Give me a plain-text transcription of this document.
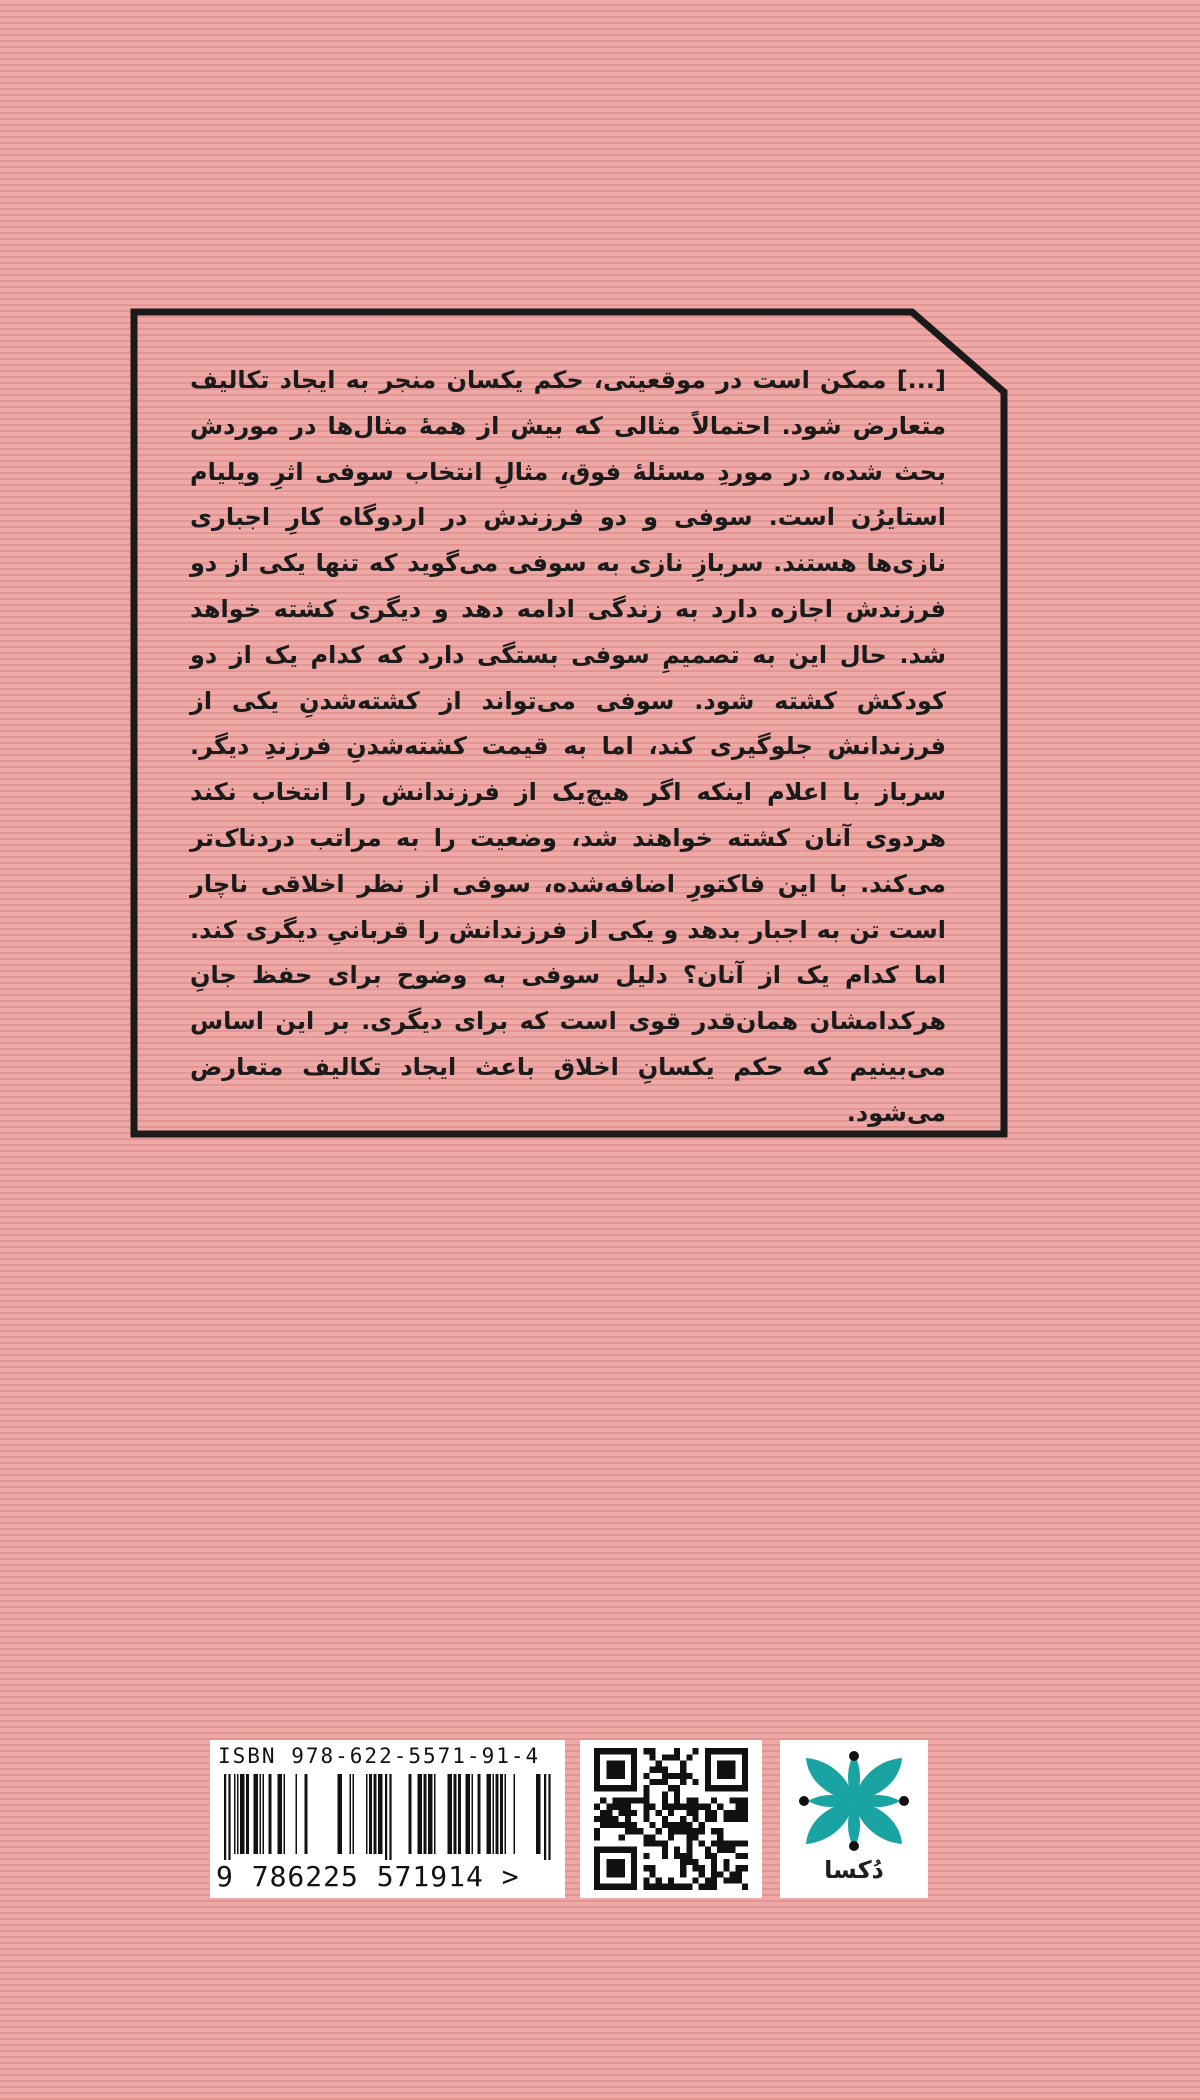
[...] ممکن است در موقعیتی، حکم یکسان منجر به ایجاد تکالیف متعارض شود. احتمالاً مثالی که بیش از همهٔ مثال‌ها در موردش بحث شده، در موردِ مسئلهٔ فوق، مثالِ انتخاب سوفی اثرِ ویلیام استایرُن است. سوفی و دو فرزندش در اردوگاه کارِ اجباری نازی‌ها هستند. سربازِ نازی به سوفی می‌گوید که تنها یکی از دو فرزندش اجازه دارد به زندگی ادامه دهد و دیگری کشته خواهد شد. حال این به تصمیمِ سوفی بستگی دارد که کدام یک از دو کودکش کشته شود. سوفی می‌تواند از کشته‌شدنِ یکی از فرزندانش جلوگیری کند، اما به قیمت کشته‌شدنِ فرزندِ دیگر. سرباز با اعلام اینکه اگر هیچ‌یک از فرزندانش را انتخاب نکند هردوی آنان کشته خواهند شد، وضعیت را به مراتب دردناک‌تر می‌کند. با این فاکتورِ اضافه‌شده، سوفی از نظر اخلاقی ناچار است تن به اجبار بدهد و یکی از فرزندانش را قربانیِ دیگری کند. اما کدام یک از آنان؟ دلیل سوفی به وضوح برای حفظ جانِ هرکدامشان همان‌قدر قوی است که برای دیگری. بر این اساس می‌بینیم که حکم یکسانِ اخلاق باعث ایجاد تکالیف متعارض می‌شود.

ISBN 978-622-5571-91-4
9 786225 571914 >	دُکسا
